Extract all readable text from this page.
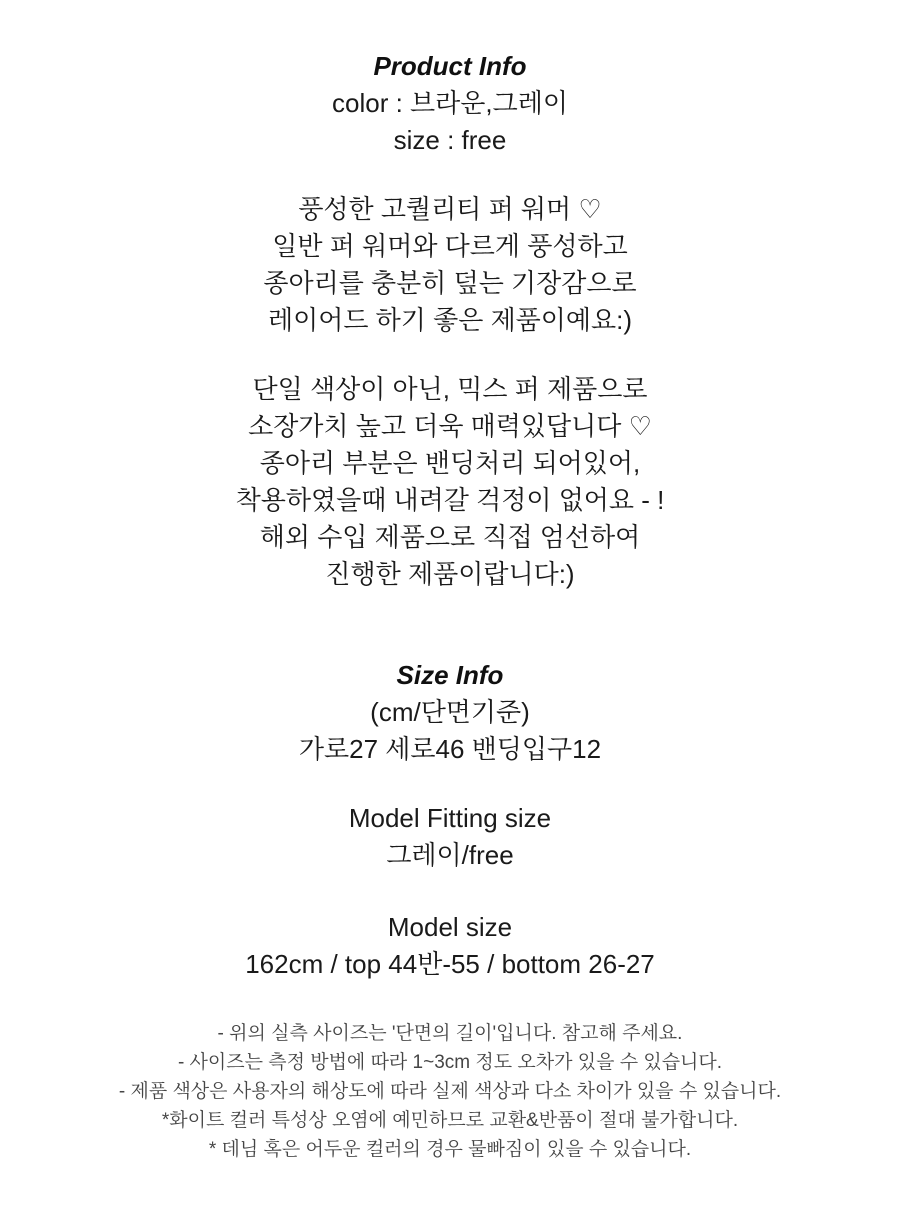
Product Info

color : 브라운,그레이

size : free

풍성한 고퀄리티 퍼 워머 ♡

일반 퍼 워머와 다르게 풍성하고

종아리를 충분히 덮는 기장감으로

레이어드 하기 좋은 제품이예요:)

단일 색상이 아닌, 믹스 퍼 제품으로

소장가치 높고 더욱 매력있답니다 ♡

종아리 부분은 밴딩처리 되어있어,

착용하였을때 내려갈 걱정이 없어요 - !

해외 수입 제품으로 직접 엄선하여

진행한 제품이랍니다:)

Size Info

(cm/단면기준)

가로27 세로46 밴딩입구12

Model Fitting size

그레이/free

Model size

162cm / top 44반-55 / bottom 26-27

- 위의 실측 사이즈는 '단면의 길이'입니다. 참고해 주세요.

- 사이즈는 측정 방법에 따라 1~3cm 정도 오차가 있을 수 있습니다.

- 제품 색상은 사용자의 해상도에 따라 실제 색상과 다소 차이가 있을 수 있습니다.

*화이트 컬러 특성상 오염에 예민하므로 교환&반품이 절대 불가합니다.

* 데님 혹은 어두운 컬러의 경우 물빠짐이 있을 수 있습니다.
